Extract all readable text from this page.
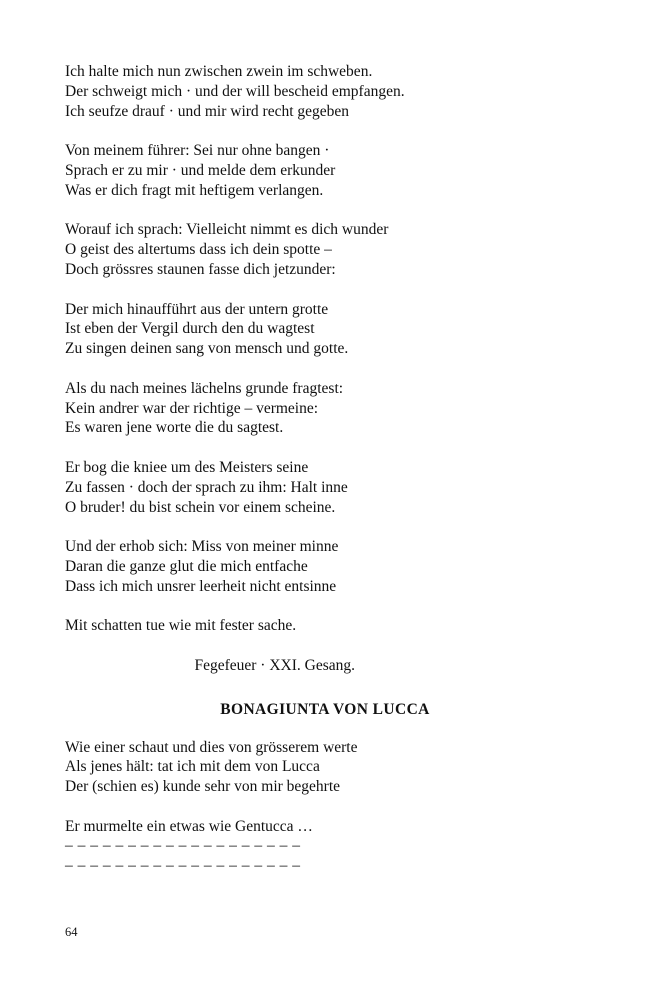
Ich halte mich nun zwischen zwein im schweben.
Der schweigt mich · und der will bescheid empfangen.
Ich seufze drauf · und mir wird recht gegeben
Von meinem führer: Sei nur ohne bangen ·
Sprach er zu mir · und melde dem erkunder
Was er dich fragt mit heftigem verlangen.
Worauf ich sprach: Vielleicht nimmt es dich wunder
O geist des altertums dass ich dein spotte –
Doch grössres staunen fasse dich jetzunder:
Der mich hinaufführt aus der untern grotte
Ist eben der Vergil durch den du wagtest
Zu singen deinen sang von mensch und gotte.
Als du nach meines lächelns grunde fragtest:
Kein andrer war der richtige – vermeine:
Es waren jene worte die du sagtest.
Er bog die kniee um des Meisters seine
Zu fassen · doch der sprach zu ihm: Halt inne
O bruder! du bist schein vor einem scheine.
Und der erhob sich: Miss von meiner minne
Daran die ganze glut die mich entfache
Dass ich mich unsrer leerheit nicht entsinne
Mit schatten tue wie mit fester sache.
Fegefeuer · XXI. Gesang.
BONAGIUNTA VON LUCCA
Wie einer schaut und dies von grösserem werte
Als jenes hält: tat ich mit dem von Lucca
Der (schien es) kunde sehr von mir begehrte
Er murmelte ein etwas wie Gentucca …
– – – – – – – – – – – – – – – – – – –
– – – – – – – – – – – – – – – – – – –
64
